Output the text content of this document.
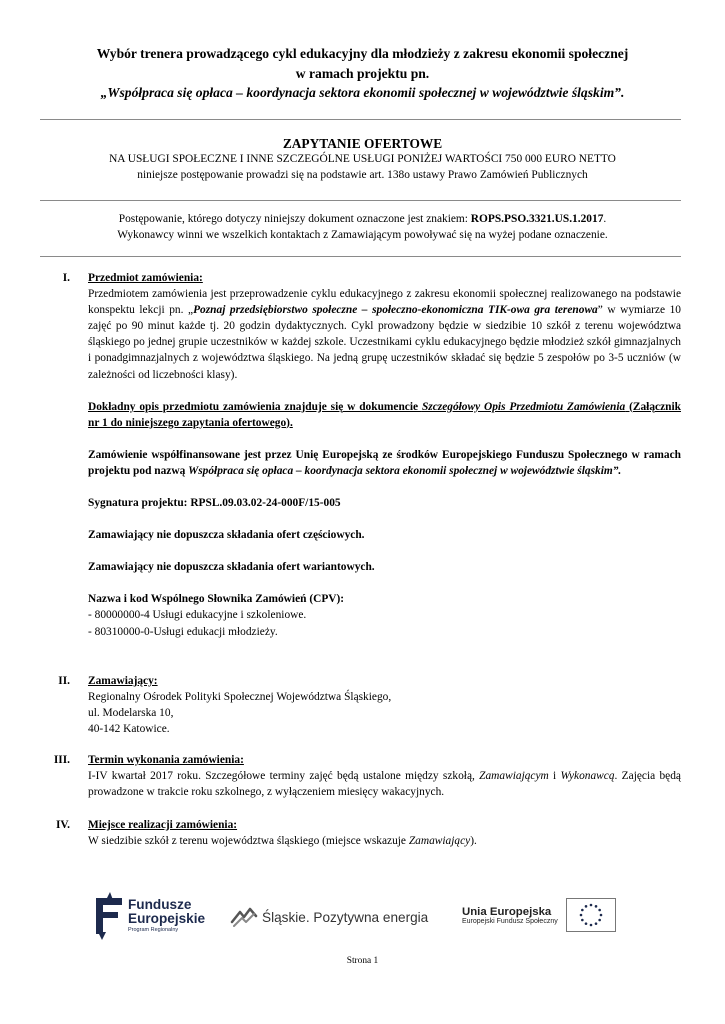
Wybór trenera prowadzącego cykl edukacyjny dla młodzieży z zakresu ekonomii społecznej
w ramach projektu pn.
„Współpraca się opłaca – koordynacja sektora ekonomii społecznej w województwie śląskim”.
ZAPYTANIE OFERTOWE
NA USŁUGI SPOŁECZNE I INNE SZCZEGÓLNE USŁUGI PONIŻEJ WARTOŚCI 750 000 EURO NETTO
niniejsze postępowanie prowadzi się na podstawie art. 138o ustawy Prawo Zamówień Publicznych
Postępowanie, którego dotyczy niniejszy dokument oznaczone jest znakiem: ROPS.PSO.3321.US.1.2017.
Wykonawcy winni we wszelkich kontaktach z Zamawiającym powoływać się na wyżej podane oznaczenie.
I. Przedmiot zamówienia:

Przedmiotem zamówienia jest przeprowadzenie cyklu edukacyjnego z zakresu ekonomii społecznej realizowanego na podstawie konspektu lekcji pn. „Poznaj przedsiębiorstwo społeczne – społeczno-ekonomiczna TIK-owa gra terenowa” w wymiarze 10 zajęć po 90 minut każde tj. 20 godzin dydaktycznych. Cykl prowadzony będzie w siedzibie 10 szkół z terenu województwa śląskiego po jednej grupie uczestników w każdej szkole. Uczestnikami cyklu edukacyjnego będzie młodzież szkół gimnazjalnych i ponadgimnazjalnych z województwa śląskiego. Na jedną grupę uczestników składać się będzie 5 zespołów po 3-5 uczniów (w zależności od liczebności klasy).

Dokładny opis przedmiotu zamówienia znajduje się w dokumencie Szczegółowy Opis Przedmiotu Zamówienia (Załącznik nr 1 do niniejszego zapytania ofertowego).

Zamówienie współfinansowane jest przez Unię Europejską ze środków Europejskiego Funduszu Społecznego w ramach projektu pod nazwą Współpraca się opłaca – koordynacja sektora ekonomii społecznej w województwie śląskim”.

Sygnatura projektu: RPSL.09.03.02-24-000F/15-005

Zamawiający nie dopuszcza składania ofert częściowych.

Zamawiający nie dopuszcza składania ofert wariantowych.

Nazwa i kod Wspólnego Słownika Zamówień (CPV):

- 80000000-4 Usługi edukacyjne i szkoleniowe.

- 80310000-0-Usługi edukacji młodzieży.

II. Zamawiający:

Regionalny Ośrodek Polityki Społecznej Województwa Śląskiego,

ul. Modelarska 10,

40-142 Katowice.

III. Termin wykonania zamówienia:

I-IV kwartał 2017 roku. Szczegółowe terminy zajęć będą ustalone między szkołą, Zamawiającym i Wykonawcą. Zajęcia będą prowadzone w trakcie roku szkolnego, z wyłączeniem miesięcy wakacyjnych.

IV. Miejsce realizacji zamówienia:

W siedzibie szkół z terenu województwa śląskiego (miejsce wskazuje Zamawiający).

Fundusze
Europejskie
Program Regionalny
Śląskie. Pozytywna energia	Unia Europejska
Europejski Fundusz Społeczny
Strona 1
